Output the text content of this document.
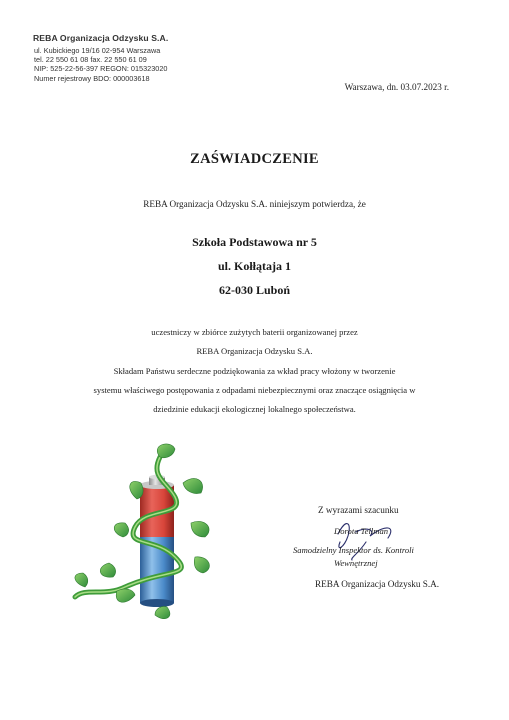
REBA Organizacja Odzysku S.A.
ul. Kubickiego 19/16 02-954 Warszawa
tel. 22 550 61 08 fax. 22 550 61 09
NIP: 525-22-56-397 REGON: 015323020
Numer rejestrowy BDO: 000003618
Warszawa, dn. 03.07.2023 r.
ZAŚWIADCZENIE
REBA Organizacja Odzysku S.A. niniejszym potwierdza, że
Szkoła Podstawowa nr 5
ul. Kołłątaja 1
62-030 Luboń
uczestniczy w zbiórce zużytych baterii organizowanej przez
REBA Organizacja Odzysku S.A.
Składam Państwu serdeczne podziękowania za wkład pracy włożony w tworzenie
systemu właściwego postępowania z odpadami niebezpiecznymi oraz znaczące osiągnięcia w
dziedzinie edukacji ekologicznej lokalnego społeczeństwa.
Z wyrazami szacunku
Dorota Tellman
Samodzielny Inspektor ds. Kontroli
Wewnętrznej
REBA Organizacja Odzysku S.A.
